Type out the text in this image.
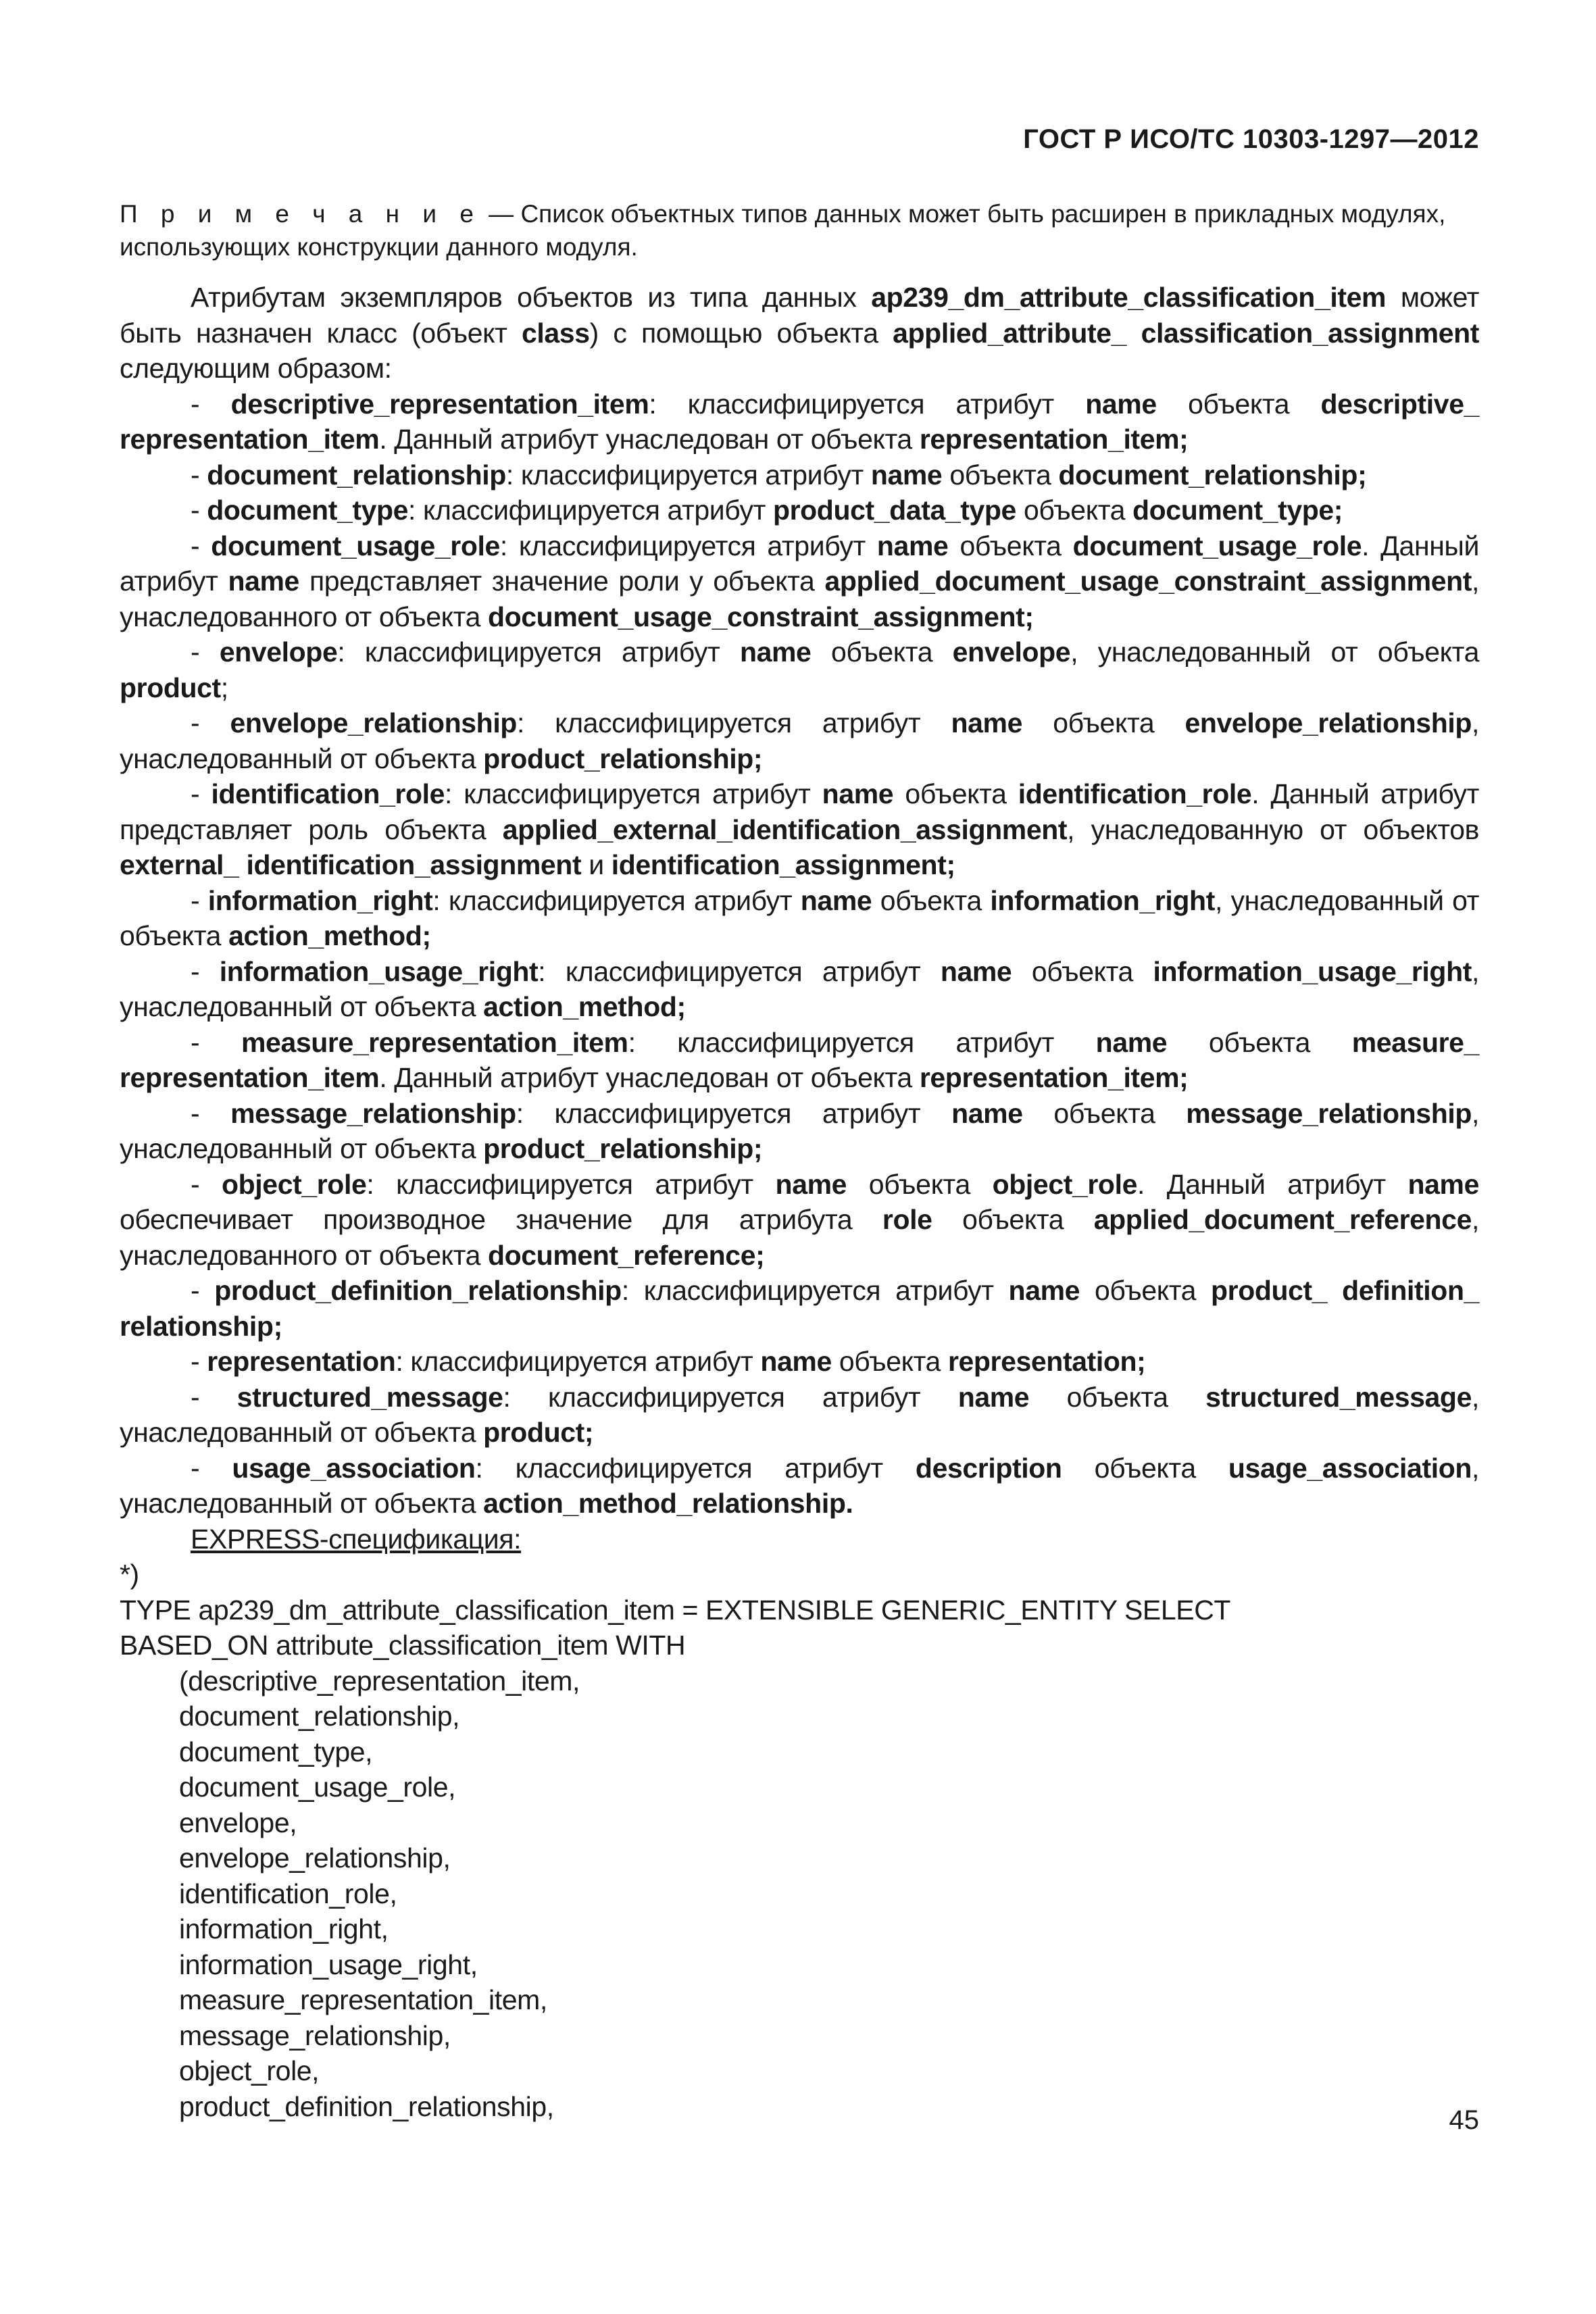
ГОСТ Р ИСО/ТС 10303-1297—2012

П р и м е ч а н и е — Список объектных типов данных может быть расширен в прикладных модулях, использующих конструкции данного модуля.

Атрибутам экземпляров объектов из типа данных ap239_dm_attribute_classification_item может быть назначен класс (объект class) с помощью объекта applied_attribute_ classification_assignment следующим образом:

- descriptive_representation_item: классифицируется атрибут name объекта descriptive_ representation_item. Данный атрибут унаследован от объекта representation_item;

- document_relationship: классифицируется атрибут name объекта document_relationship;

- document_type: классифицируется атрибут product_data_type объекта document_type;

- document_usage_role: классифицируется атрибут name объекта document_usage_role. Данный атрибут name представляет значение роли у объекта applied_document_usage_constraint_assignment, унаследованного от объекта document_usage_constraint_assignment;

- envelope: классифицируется атрибут name объекта envelope, унаследованный от объекта product;

- envelope_relationship: классифицируется атрибут name объекта envelope_relationship, унаследованный от объекта product_relationship;

- identification_role: классифицируется атрибут name объекта identification_role. Данный атрибут представляет роль объекта applied_external_identification_assignment, унаследованную от объектов external_ identification_assignment и identification_assignment;

- information_right: классифицируется атрибут name объекта information_right, унаследованный от объекта action_method;

- information_usage_right: классифицируется атрибут name объекта information_usage_right, унаследованный от объекта action_method;

- measure_representation_item: классифицируется атрибут name объекта measure_ representation_item. Данный атрибут унаследован от объекта representation_item;

- message_relationship: классифицируется атрибут name объекта message_relationship, унаследованный от объекта product_relationship;

- object_role: классифицируется атрибут name объекта object_role. Данный атрибут name обеспечивает производное значение для атрибута role объекта applied_document_reference, унаследованного от объекта document_reference;

- product_definition_relationship: классифицируется атрибут name объекта product_ definition_ relationship;

- representation: классифицируется атрибут name объекта representation;

- structured_message: классифицируется атрибут name объекта structured_message, унаследованный от объекта product;

- usage_association: классифицируется атрибут description объекта usage_association, унаследованный от объекта action_method_relationship.

EXPRESS-спецификация:

*)
TYPE ap239_dm_attribute_classification_item = EXTENSIBLE GENERIC_ENTITY SELECT
BASED_ON attribute_classification_item WITH
(descriptive_representation_item,
document_relationship,
document_type,
document_usage_role,
envelope,
envelope_relationship,
identification_role,
information_right,
information_usage_right,
measure_representation_item,
message_relationship,
object_role,
product_definition_relationship,	45
